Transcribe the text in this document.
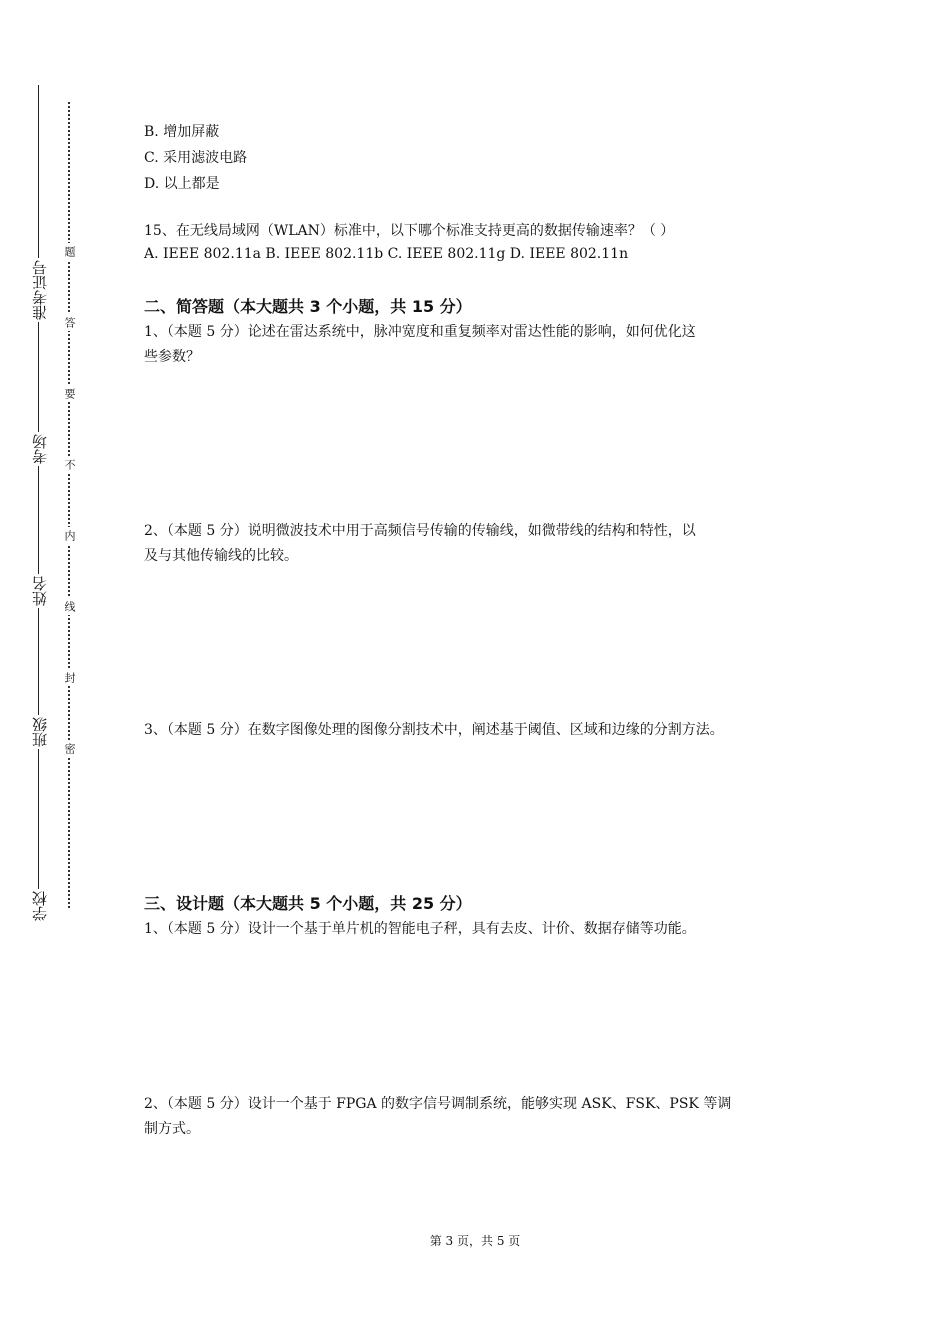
准考证号
考场
姓名
班级
学校
题
答
要
不
内
线
封
密
B. 增加屏蔽
C. 采用滤波电路
D. 以上都是
15、在无线局域网（WLAN）标准中，以下哪个标准支持更高的数据传输速率？（ ）
A. IEEE 802.11a B. IEEE 802.11b C. IEEE 802.11g D. IEEE 802.11n
二、简答题（本大题共 3 个小题，共 15 分）
1、（本题 5 分）论述在雷达系统中，脉冲宽度和重复频率对雷达性能的影响，如何优化这
些参数？
2、（本题 5 分）说明微波技术中用于高频信号传输的传输线，如微带线的结构和特性，以
及与其他传输线的比较。
3、（本题 5 分）在数字图像处理的图像分割技术中，阐述基于阈值、区域和边缘的分割方法。
三、设计题（本大题共 5 个小题，共 25 分）
1、（本题 5 分）设计一个基于单片机的智能电子秤，具有去皮、计价、数据存储等功能。
2、（本题 5 分）设计一个基于 FPGA 的数字信号调制系统，能够实现 ASK、FSK、PSK 等调
制方式。
第 3 页，共 5 页
